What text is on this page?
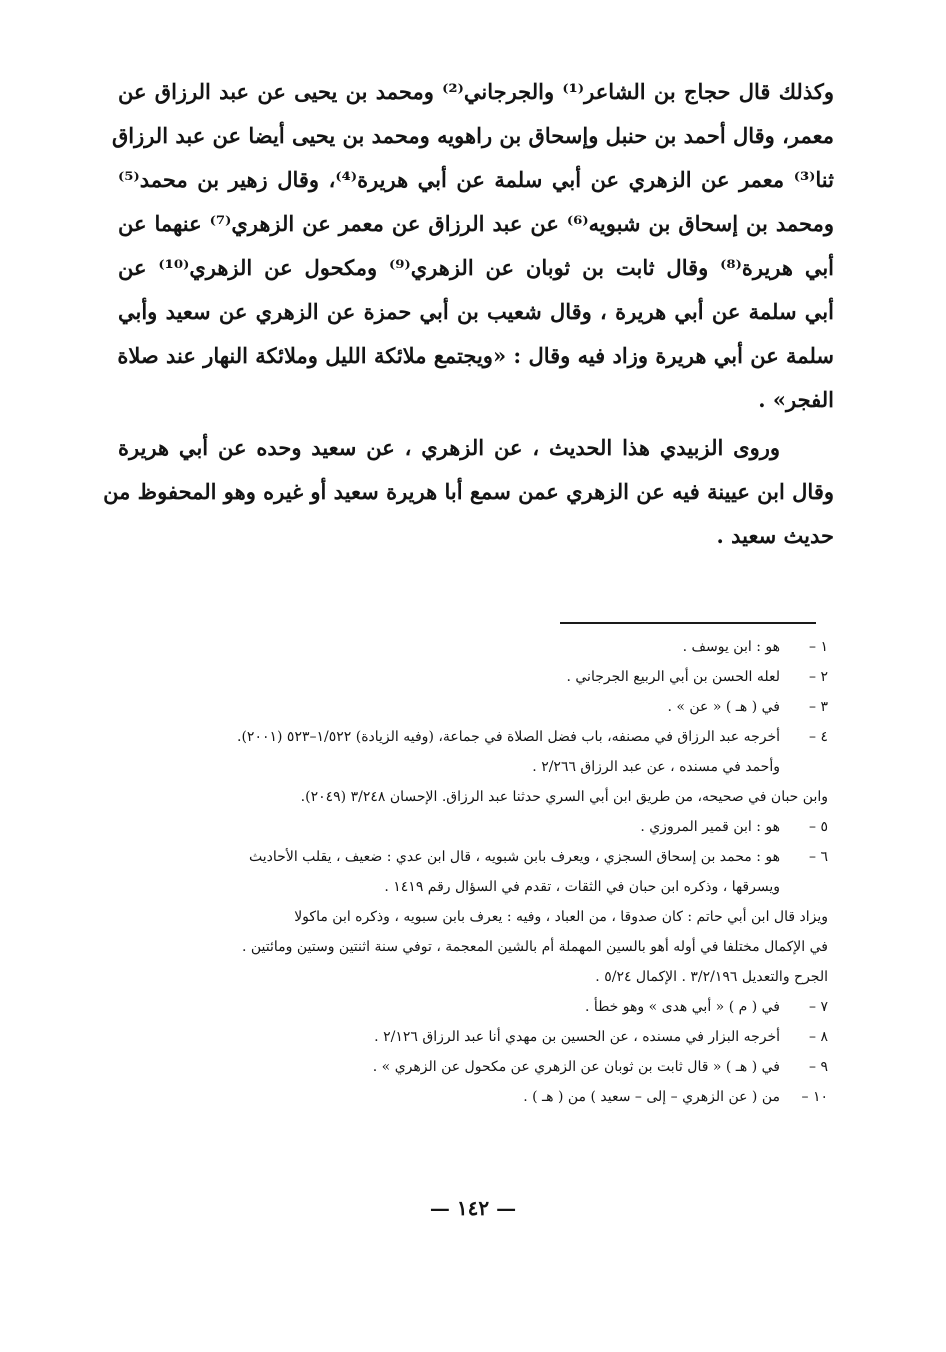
وكذلك قال حجاج بن الشاعر⁽¹⁾ والجرجاني⁽²⁾ ومحمد بن يحيى عن عبد الرزاق عن
معمر، وقال أحمد بن حنبل وإسحاق بن راهويه ومحمد بن يحيى أيضا عن عبد الرزاق
ثنا⁽³⁾ معمر عن الزهري عن أبي سلمة عن أبي هريرة⁽⁴⁾، وقال زهير بن محمد⁽⁵⁾
ومحمد بن إسحاق بن شبويه⁽⁶⁾ عن عبد الرزاق عن معمر عن الزهري⁽⁷⁾ عنهما عن
أبي هريرة⁽⁸⁾ وقال ثابت بن ثوبان عن الزهري⁽⁹⁾ ومكحول عن الزهري⁽¹⁰⁾ عن
أبي سلمة عن أبي هريرة ، وقال شعيب بن أبي حمزة عن الزهري عن سعيد وأبي
سلمة عن أبي هريرة وزاد فيه وقال : «ويجتمع ملائكة الليل وملائكة النهار عند صلاة
الفجر» .
وروى الزبيدي هذا الحديث ، عن الزهري ، عن سعيد وحده عن أبي هريرة
وقال ابن عيينة فيه عن الزهري عمن سمع أبا هريرة سعيد أو غيره وهو المحفوظ من
حديث سعيد .
١ –هو : ابن يوسف .
٢ –لعله الحسن بن أبي الربيع الجرجاني .
٣ –في ( هـ ) « عن » .
٤ –أخرجه عبد الرزاق في مصنفه، باب فضل الصلاة في جماعة، (وفيه الزيادة) ١/٥٢٢–٥٢٣ (٢٠٠١).
وأحمد في مسنده ، عن عبد الرزاق ٢/٢٦٦ .
وابن حبان في صحيحه، من طريق ابن أبي السري حدثنا عبد الرزاق. الإحسان ٣/٢٤٨ (٢٠٤٩).
٥ –هو : ابن قمير المروزي .
٦ –هو : محمد بن إسحاق السجزي ، ويعرف بابن شبويه ، قال ابن عدي : ضعيف ، يقلب الأحاديث
ويسرقها ، وذكره ابن حبان في الثقات ، تقدم في السؤال رقم ١٤١٩ .
ويزاد قال ابن أبي حاتم : كان صدوقا ، من العباد ، وفيه : يعرف بابن سبويه ، وذكره ابن ماكولا
في الإكمال مختلفا في أوله أهو بالسين المهملة أم بالشين المعجمة ، توفي سنة اثنتين وستين ومائتين .
الجرح والتعديل ٣/٢/١٩٦ . الإكمال ٥/٢٤ .
٧ –في ( م ) « أبي هدى » وهو خطأ .
٨ –أخرجه البزار في مسنده ، عن الحسين بن مهدي أنا عبد الرزاق ٢/١٢٦ .
٩ –في ( هـ ) « قال ثابت بن ثوبان عن الزهري عن مكحول عن الزهري » .
١٠ –من ( عن الزهري – إلى – سعيد ) من ( هـ ) .
— ١٤٢ —
